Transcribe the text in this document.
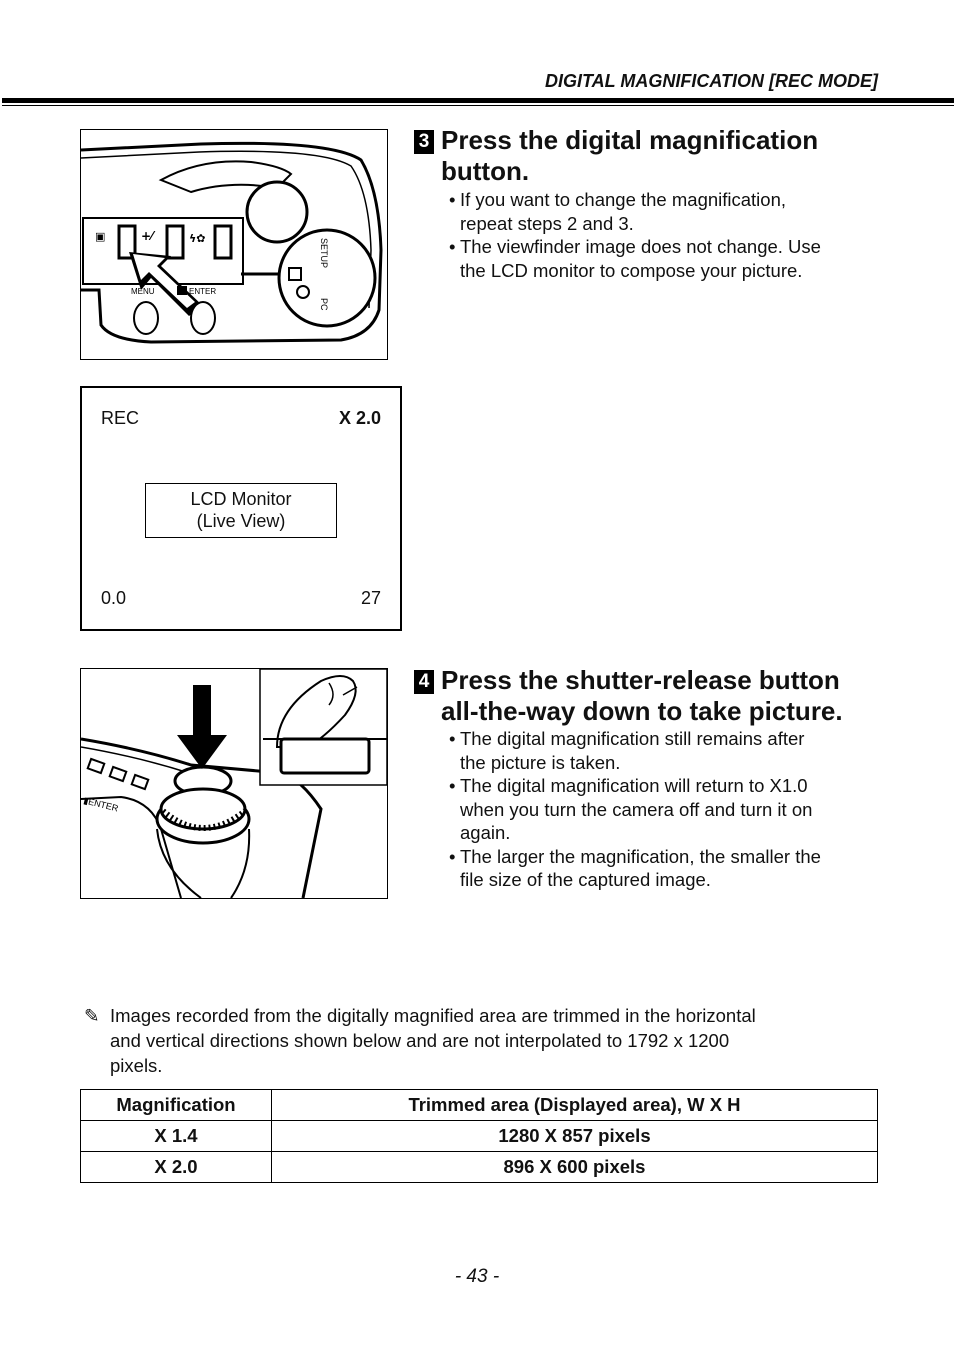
DIGITAL MAGNIFICATION [REC MODE]
▣	+⁄	ϟ✿
MENU	ENTER
SETUP
PC
3 Press the digital magnification
button.
• If you want to change the magnification,
repeat steps 2 and 3.
• The viewfinder image does not change. Use
the LCD monitor to compose your picture.
REC	X 2.0
LCD Monitor
(Live View)
0.0	27
▮ENTER
4 Press the shutter-release button
all-the-way down to take picture.
• The digital magnification still remains after
the picture is taken.
• The digital magnification will return to X1.0
when you turn the camera off and turn it on
again.
• The larger the magnification, the smaller the
file size of the captured image.
✎ Images recorded from the digitally magnified area are trimmed in the horizontal
and vertical directions shown below and are not interpolated to 1792 x 1200
pixels.
Magnification	Trimmed area (Displayed area), W X H
X 1.4	1280 X 857 pixels
X 2.0	896 X 600 pixels
- 43 -
